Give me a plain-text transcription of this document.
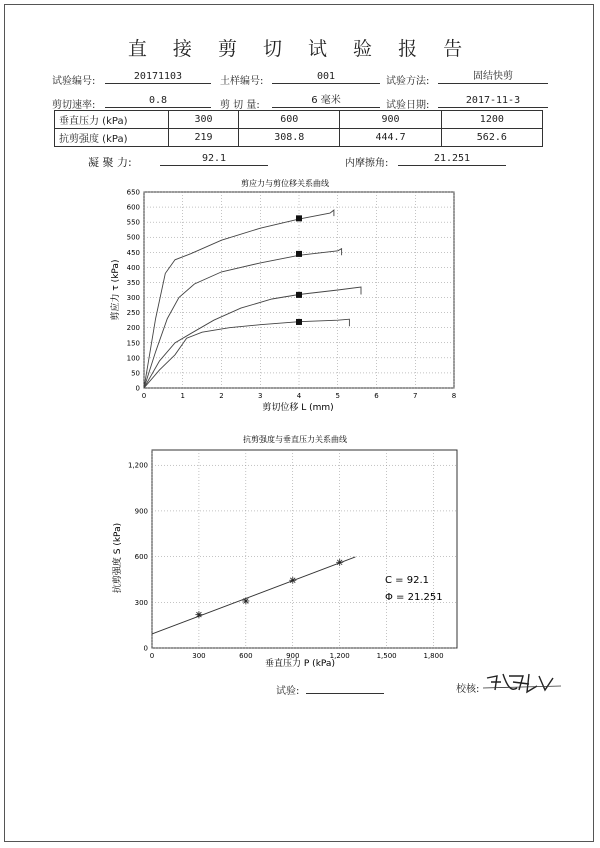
直 接 剪 切 试 验 报 告
试验编号:	20171103	土样编号:	001	试验方法:	固结快剪
剪切速率:	0.8	剪 切 量:	6 毫米	试验日期:	2017-11-3
垂直压力 (kPa)	300	600	900	1200
抗剪强度 (kPa)	219	308.8	444.7	562.6
凝 聚 力:	92.1	内摩擦角:	21.251
剪应力与剪位移关系曲线
0	1	2	3	4	5	6	7	8
0
50
100
150
200
250
300
350
400
450
500
550
600
650
剪切位移 L (mm)
剪应力 τ (kPa)
抗剪强度与垂直压力关系曲线
0	300	600	900	1,200	1,500	1,800
0
300
600
900
1,200
C = 92.1
Φ = 21.251
垂直压力 P (kPa)
抗剪强度 S (kPa)
试验:	校核:
